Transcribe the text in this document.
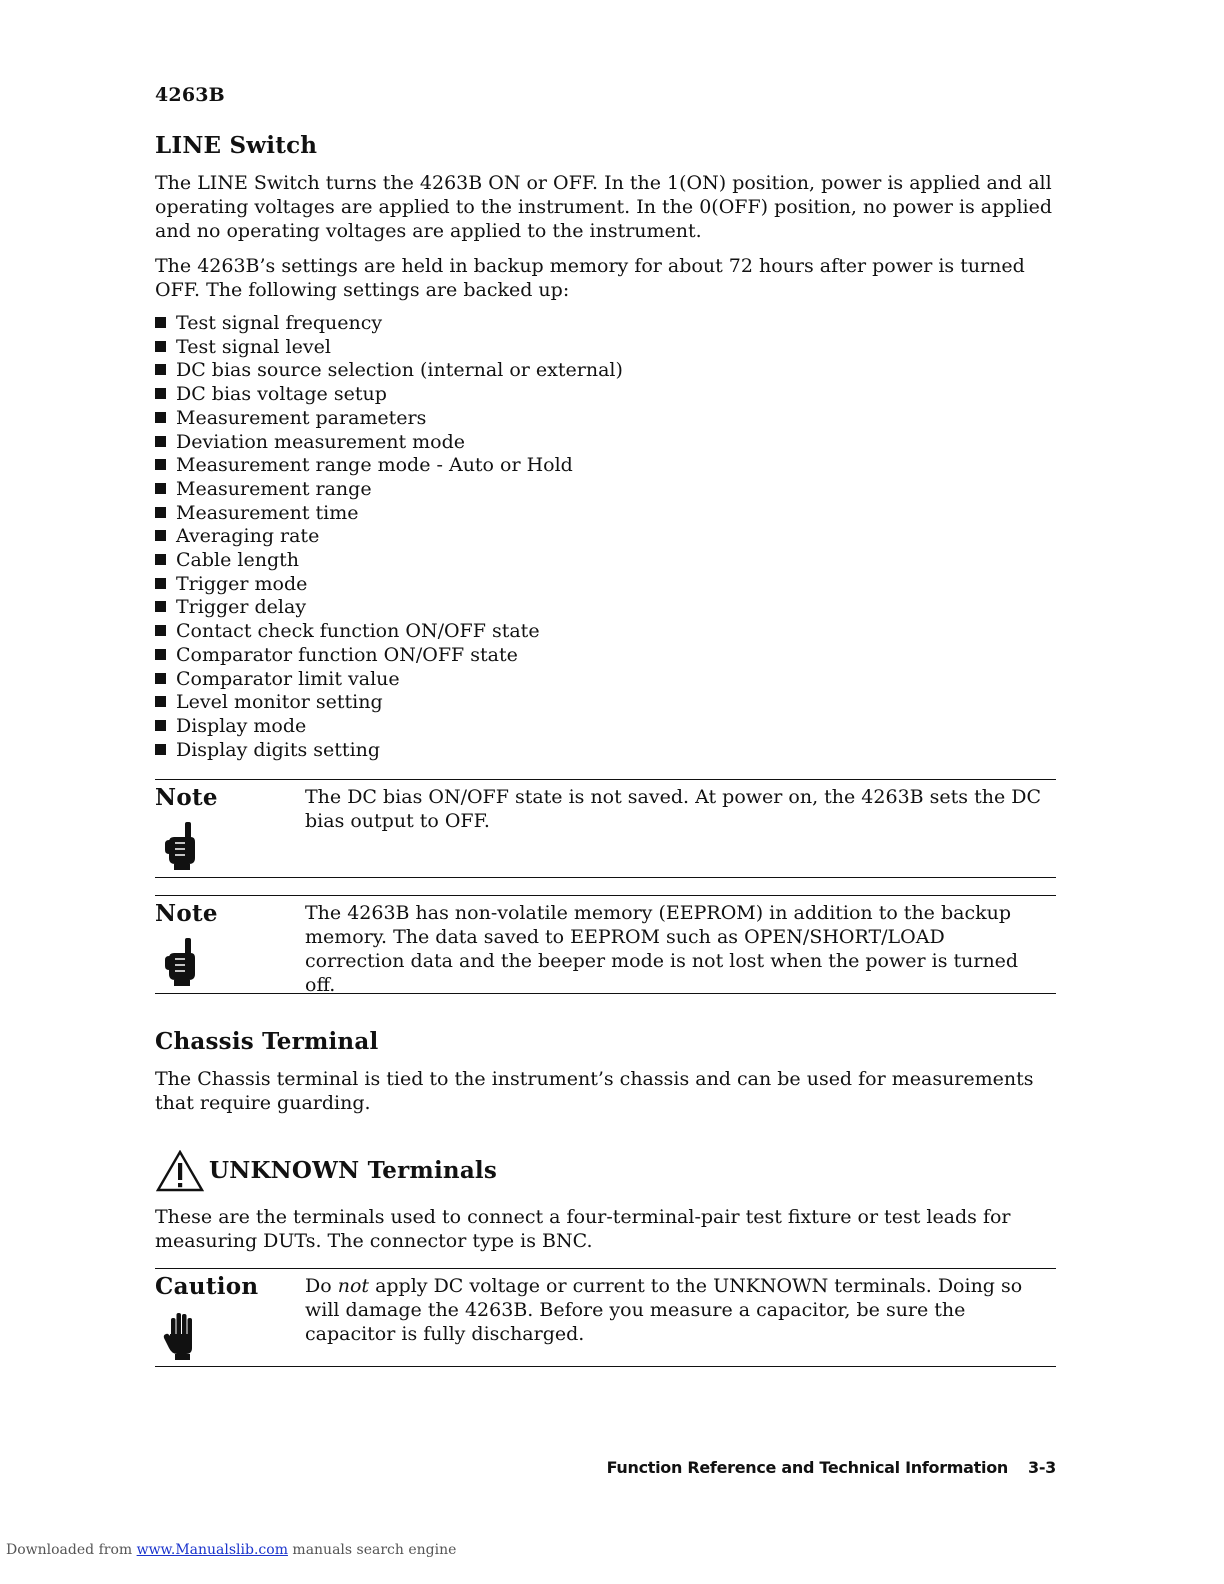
4263B
LINE Switch

The LINE Switch turns the 4263B ON or OFF. In the 1(ON) position, power is applied and all operating voltages are applied to the instrument. In the 0(OFF) position, no power is applied and no operating voltages are applied to the instrument.

The 4263B’s settings are held in backup memory for about 72 hours after power is turned OFF. The following settings are backed up:

Test signal frequency
Test signal level
DC bias source selection (internal or external)
DC bias voltage setup
Measurement parameters
Deviation measurement mode
Measurement range mode - Auto or Hold
Measurement range
Measurement time
Averaging rate
Cable length
Trigger mode
Trigger delay
Contact check function ON/OFF state
Comparator function ON/OFF state
Comparator limit value
Level monitor setting
Display mode
Display digits setting
Note	The DC bias ON/OFF state is not saved. At power on, the 4263B sets the DC bias output to OFF.
Note	The 4263B has non-volatile memory (EEPROM) in addition to the backup memory. The data saved to EEPROM such as OPEN/SHORT/LOAD correction data and the beeper mode is not lost when the power is turned off.
Chassis Terminal

The Chassis terminal is tied to the instrument’s chassis and can be used for measurements that require guarding.

UNKNOWN Terminals

These are the terminals used to connect a four-terminal-pair test fixture or test leads for measuring DUTs. The connector type is BNC.

Caution Do not apply DC voltage or current to the UNKNOWN terminals. Doing so will damage the 4263B. Before you measure a capacitor, be sure the capacitor is fully discharged.
Function Reference and Technical Information 3-3
Downloaded from www.Manualslib.com manuals search engine
